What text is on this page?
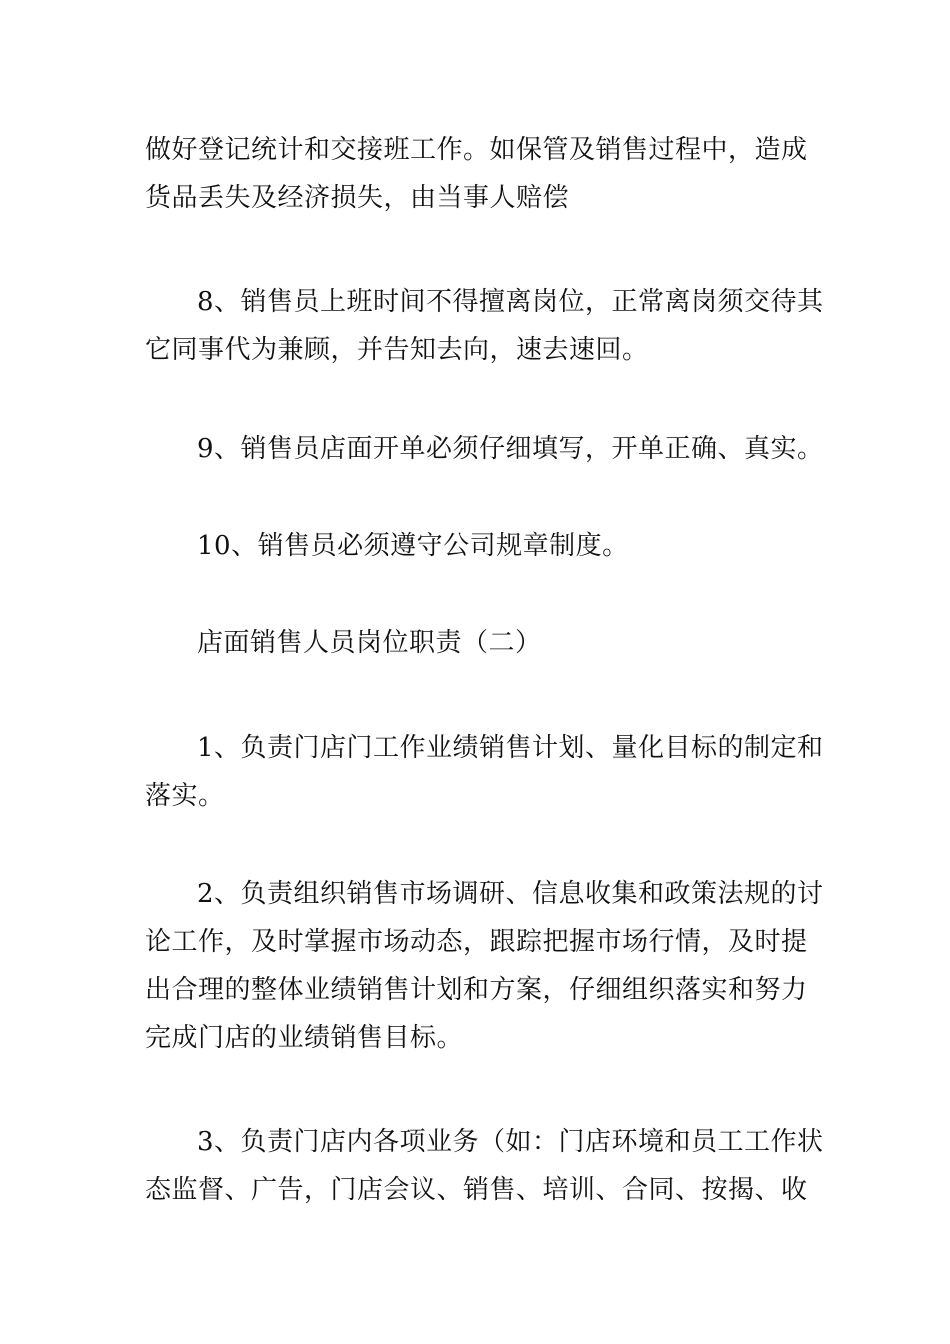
做好登记统计和交接班工作。如保管及销售过程中，造成
货品丢失及经济损失，由当事人赔偿

8、销售员上班时间不得擅离岗位，正常离岗须交待其
它同事代为兼顾，并告知去向，速去速回。

9、销售员店面开单必须仔细填写，开单正确、真实。

10、销售员必须遵守公司规章制度。

店面销售人员岗位职责（二）

1、负责门店门工作业绩销售计划、量化目标的制定和
落实。

2、负责组织销售市场调研、信息收集和政策法规的讨
论工作，及时掌握市场动态，跟踪把握市场行情，及时提
出合理的整体业绩销售计划和方案，仔细组织落实和努力
完成门店的业绩销售目标。

3、负责门店内各项业务（如：门店环境和员工工作状
态监督、广告，门店会议、销售、培训、合同、按揭、收
